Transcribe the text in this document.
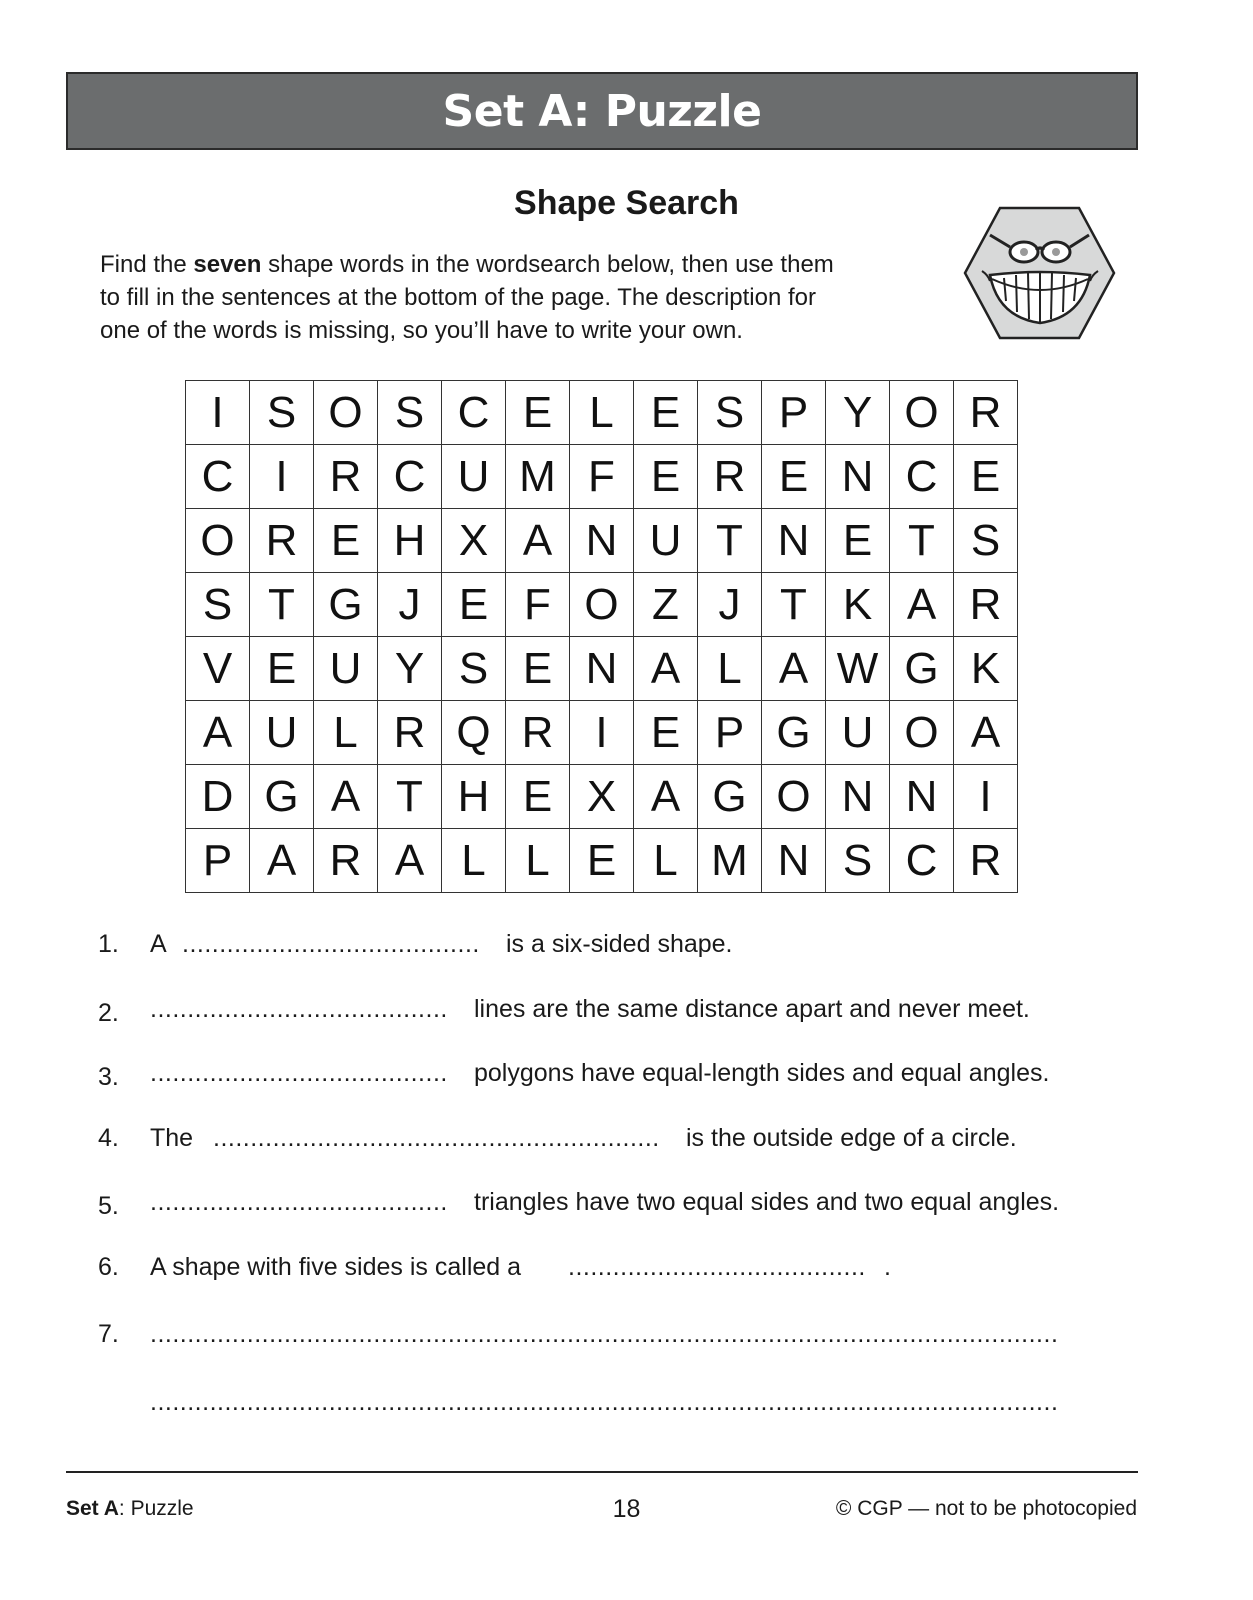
Set A: Puzzle
Shape Search

Find the seven shape words in the wordsearch below, then use them
to fill in the sentences at the bottom of the page. The description for
one of the words is missing, so you’ll have to write your own.

I	S	O	S	C	E	L	E	S	P	Y	O	R
C	I	R	C	U	M	F	E	R	E	N	C	E
O	R	E	H	X	A	N	U	T	N	E	T	S
S	T	G	J	E	F	O	Z	J	T	K	A	R
V	E	U	Y	S	E	N	A	L	A	W	G	K
A	U	L	R	Q	R	I	E	P	G	U	O	A
D	G	A	T	H	E	X	A	G	O	N	N	I
P	A	R	A	L	L	E	L	M	N	S	C	R
1. A ........................................ is a six-sided shape.
2. ........................................ lines are the same distance apart and never meet.
3. ........................................ polygons have equal-length sides and equal angles.
4. The ............................................................ is the outside edge of a circle.
5. ........................................ triangles have two equal sides and two equal angles.
6. A shape with five sides is called a ........................................ .
7. ..........................................................................................................................
..........................................................................................................................
Set A: Puzzle	18	© CGP — not to be photocopied
